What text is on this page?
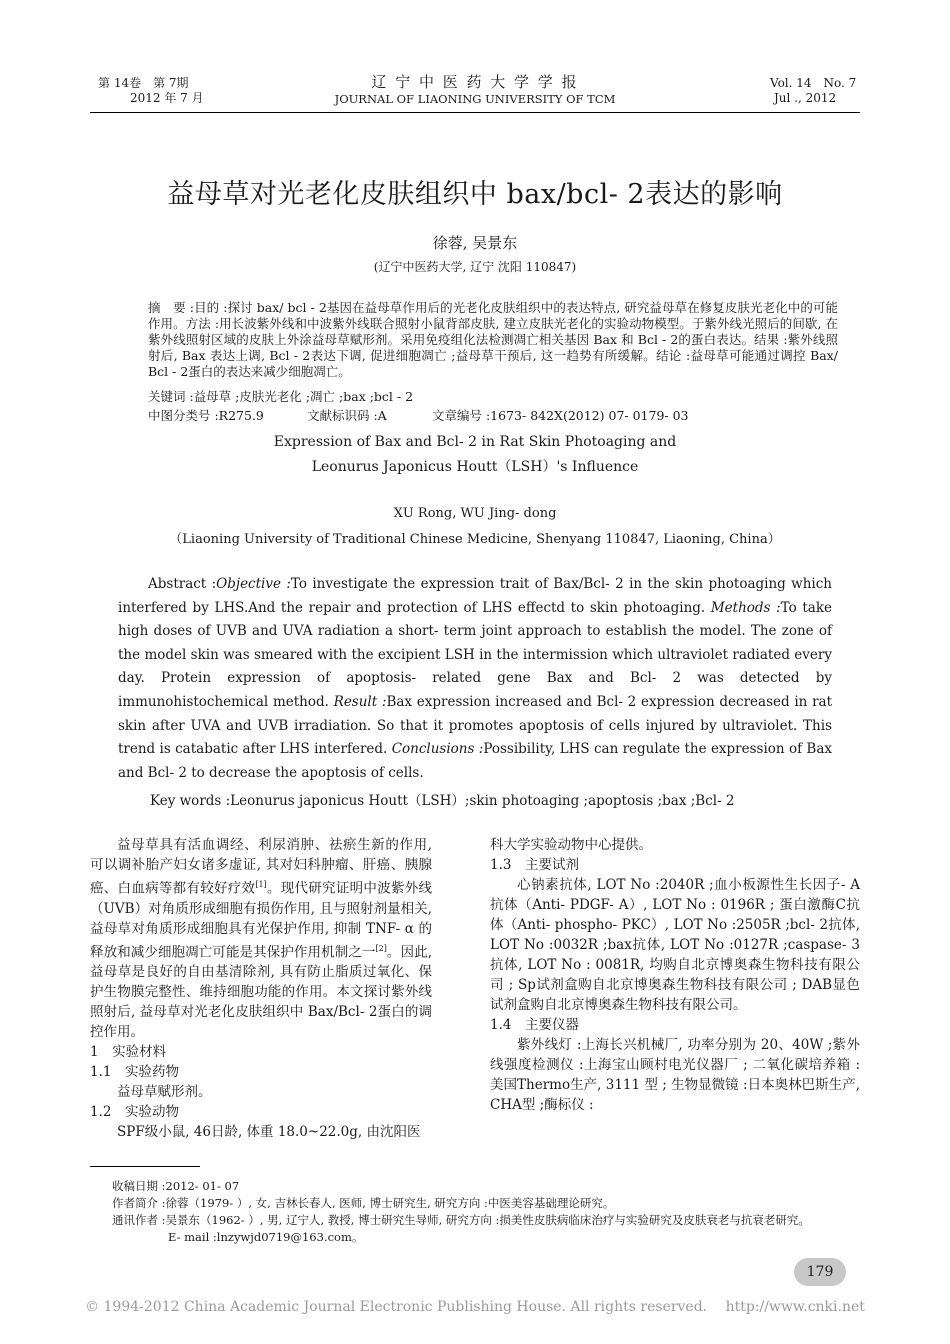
第 14卷　第 7期
2012 年 7 月
辽 宁 中 医 药 大 学 学 报
JOURNAL OF LIAONING UNIVERSITY OF TCM
Vol. 14　No. 7
Jul ., 2012
益母草对光老化皮肤组织中 bax/bcl- 2表达的影响
徐蓉, 吴景东
(辽宁中医药大学, 辽宁 沈阳 110847)
摘　要 :目的 :探讨 bax/ bcl - 2基因在益母草作用后的光老化皮肤组织中的表达特点, 研究益母草在修复皮肤光老化中的可能作用。方法 :用长波紫外线和中波紫外线联合照射小鼠背部皮肤, 建立皮肤光老化的实验动物模型。于紫外线光照后的间歇, 在紫外线照射区域的皮肤上外涂益母草赋形剂。采用免疫组化法检测凋亡相关基因 Bax 和 Bcl - 2的蛋白表达。结果 :紫外线照射后, Bax 表达上调, Bcl - 2表达下调, 促进细胞凋亡 ;益母草干预后, 这一趋势有所缓解。结论 :益母草可能通过调控 Bax/ Bcl - 2蛋白的表达来减少细胞凋亡。
关键词 :益母草 ;皮肤光老化 ;凋亡 ;bax ;bcl - 2
中图分类号 :R275.9	文献标识码 :A	文章编号 :1673- 842X(2012) 07- 0179- 03
Expression of Bax and Bcl- 2 in Rat Skin Photoaging and
Leonurus Japonicus Houtt（LSH）'s Influence
XU Rong, WU Jing- dong
（Liaoning University of Traditional Chinese Medicine, Shenyang 110847, Liaoning, China）
Abstract :Objective :To investigate the expression trait of Bax/Bcl- 2 in the skin photoaging which interfered by LHS.And the repair and protection of LHS effectd to skin photoaging. Methods :To take high doses of UVB and UVA radiation a short- term joint approach to establish the model. The zone of the model skin was smeared with the excipient LSH in the intermission which ultraviolet radiated every day. Protein expression of apoptosis- related gene Bax and Bcl- 2 was detected by immunohistochemical method. Result :Bax expression increased and Bcl- 2 expression decreased in rat skin after UVA and UVB irradiation. So that it promotes apoptosis of cells injured by ultraviolet. This trend is catabatic after LHS interfered. Conclusions :Possibility, LHS can regulate the expression of Bax and Bcl- 2 to decrease the apoptosis of cells.
Key words :Leonurus japonicus Houtt（LSH）;skin photoaging ;apoptosis ;bax ;Bcl- 2

益母草具有活血调经、利尿消肿、祛瘀生新的作用, 可以调补胎产妇女诸多虚证, 其对妇科肿瘤、肝癌、胰腺癌、白血病等都有较好疗效[1]。现代研究证明中波紫外线（UVB）对角质形成细胞有损伤作用, 且与照射剂量相关, 益母草对角质形成细胞具有光保护作用, 抑制 TNF- α 的释放和减少细胞凋亡可能是其保护作用机制之一[2]。因此, 益母草是良好的自由基清除剂, 具有防止脂质过氧化、保护生物膜完整性、维持细胞功能的作用。本文探讨紫外线照射后, 益母草对光老化皮肤组织中 Bax/Bcl- 2蛋白的调控作用。

1　实验材料

1.1　实验药物

益母草赋形剂。

1.2　实验动物

SPF级小鼠, 46日龄, 体重 18.0~22.0g, 由沈阳医

科大学实验动物中心提供。

1.3　主要试剂

心钠素抗体, LOT No :2040R ;血小板源性生长因子- A抗体（Anti- PDGF- A）, LOT No : 0196R ; 蛋白激酶C抗体（Anti- phospho- PKC）, LOT No :2505R ;bcl- 2抗体, LOT No :0032R ;bax抗体, LOT No :0127R ;caspase- 3 抗体, LOT No : 0081R, 均购自北京博奥森生物科技有限公司 ; Sp试剂盒购自北京博奥森生物科技有限公司 ; DAB显色试剂盒购自北京博奥森生物科技有限公司。

1.4　主要仪器

紫外线灯 :上海长兴机械厂, 功率分别为 20、40W ;紫外线强度检测仪 :上海宝山顾村电光仪器厂 ; 二氧化碳培养箱 : 美国Thermo生产, 3111 型 ; 生物显微镜 :日本奥林巴斯生产, CHA型 ;酶标仪 :

收稿日期 :2012- 01- 07
作者简介 :徐蓉（1979- ）, 女, 吉林长春人, 医师, 博士研究生, 研究方向 :中医美容基础理论研究。
通讯作者 :吴景东（1962- ）, 男, 辽宁人, 教授, 博士研究生导师, 研究方向 :损美性皮肤病临床治疗与实验研究及皮肤衰老与抗衰老研究。
E- mail :lnzywjd0719@163.com。
179
© 1994-2012 China Academic Journal Electronic Publishing House. All rights reserved.　 http://www.cnki.net
